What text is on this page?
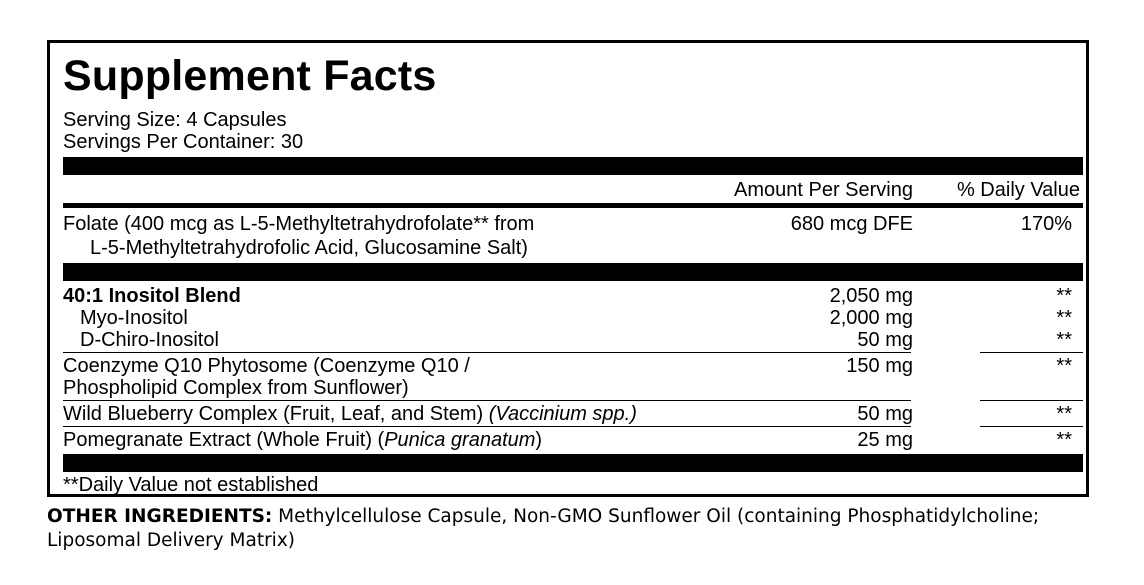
Supplement Facts
Serving Size: 4 Capsules
Servings Per Container: 30
Amount Per Serving	% Daily Value
Folate (400 mcg as L-5-Methyltetrahydrofolate** from
L-5-Methyltetrahydrofolic Acid, Glucosamine Salt)
680 mcg DFE	170%
40:1 Inositol Blend	2,050 mg	**
Myo-Inositol	2,000 mg	**
D-Chiro-Inositol	50 mg	**
Coenzyme Q10 Phytosome (Coenzyme Q10 /
Phospholipid Complex from Sunflower)
150 mg	**
Wild Blueberry Complex (Fruit, Leaf, and Stem) (Vaccinium spp.)	50 mg	**
Pomegranate Extract (Whole Fruit) (Punica granatum)	25 mg	**
**Daily Value not established
OTHER INGREDIENTS: Methylcellulose Capsule, Non-GMO Sunflower Oil (containing Phosphatidylcholine; Liposomal Delivery Matrix)
